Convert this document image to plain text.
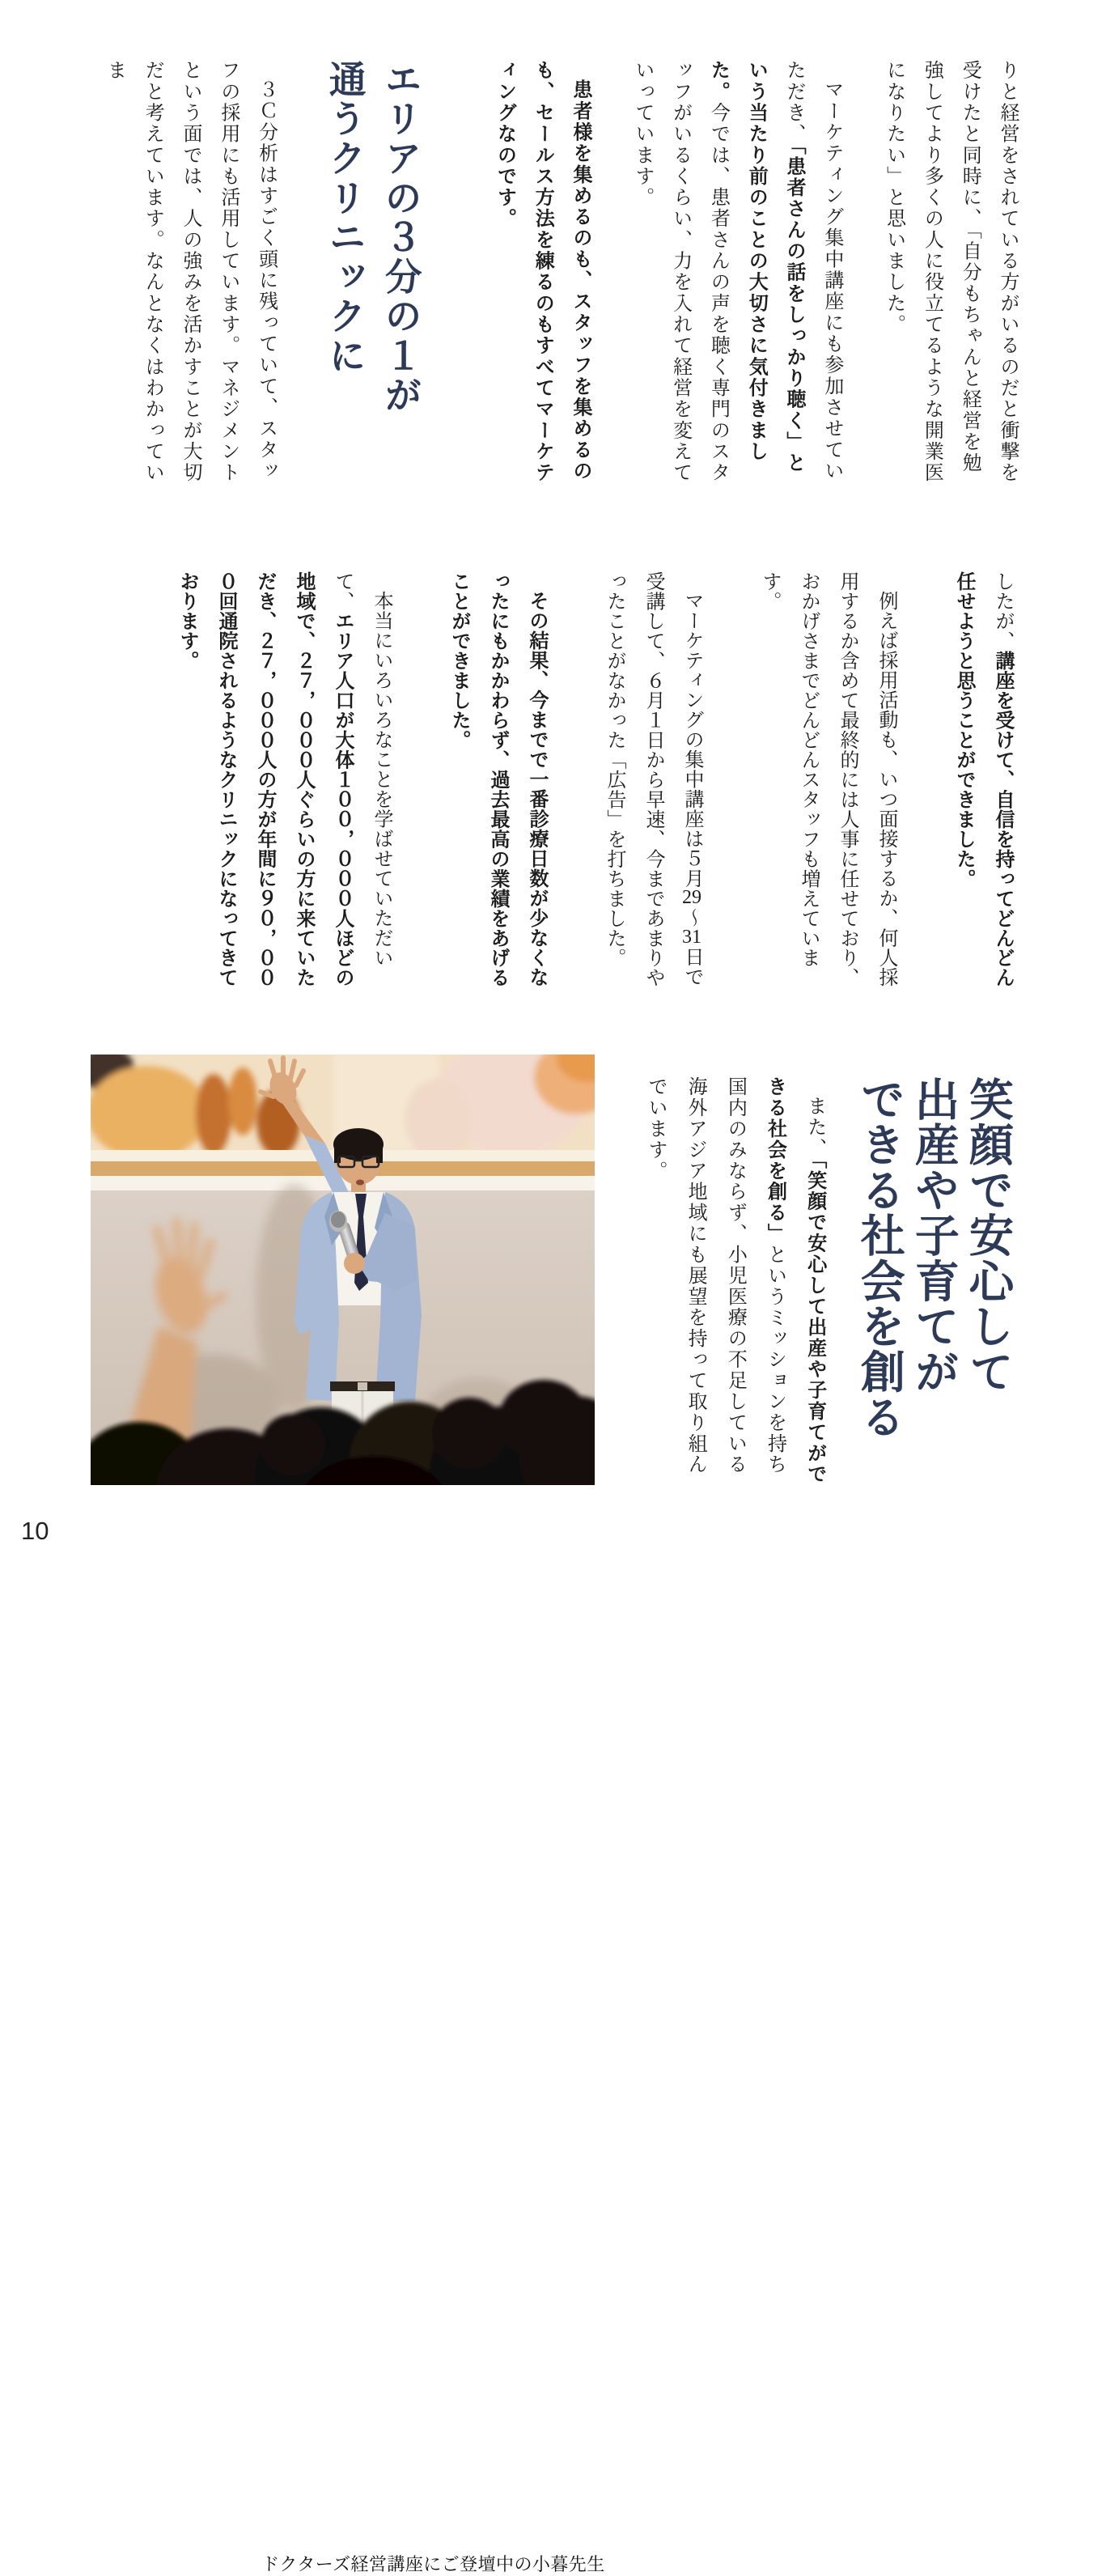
りと経営をされている方がいるのだと衝撃を受けたと同時に、「自分もちゃんと経営を勉強してより多くの人に役立てるような開業医になりたい」と思いました。

マーケティング集中講座にも参加させていただき、「患者さんの話をしっかり聴く」という当たり前のことの大切さに気付きました。今では、患者さんの声を聴く専門のスタッフがいるくらい、力を入れて経営を変えていっています。

患者様を集めるのも、スタッフを集めるのも、セールス方法を練るのもすべてマーケティングなのです。

エリアの３分の１が
通うクリニックに

３Ｃ分析はすごく頭に残っていて、スタッフの採用にも活用しています。マネジメントという面では、人の強みを活かすことが大切だと考えています。なんとなくはわかっていま

したが、講座を受けて、自信を持ってどんどん任せようと思うことができました。

例えば採用活動も、いつ面接するか、何人採用するか含めて最終的には人事に任せており、おかげさまでどんどんスタッフも増えています。

マーケティングの集中講座は５月29～31日で受講して、６月１日から早速、今まであまりやったことがなかった「広告」を打ちました。

その結果、今までで一番診療日数が少なくなったにもかかわらず、過去最高の業績をあげることができました。

本当にいろいろなことを学ばせていただいて、エリア人口が大体１００，０００人ほどの地域で、２７，０００人ぐらいの方に来ていただき、２７，０００人の方が年間に９０，０００回通院されるようなクリニックになってきております。

笑顔で安心して
出産や子育てが
できる社会を創る

また、「笑顔で安心して出産や子育てができる社会を創る」というミッションを持ち国内のみならず、小児医療の不足している海外アジア地域にも展望を持って取り組んでいます。

ドクターズ経営講座にご登壇中の小暮先生
10
